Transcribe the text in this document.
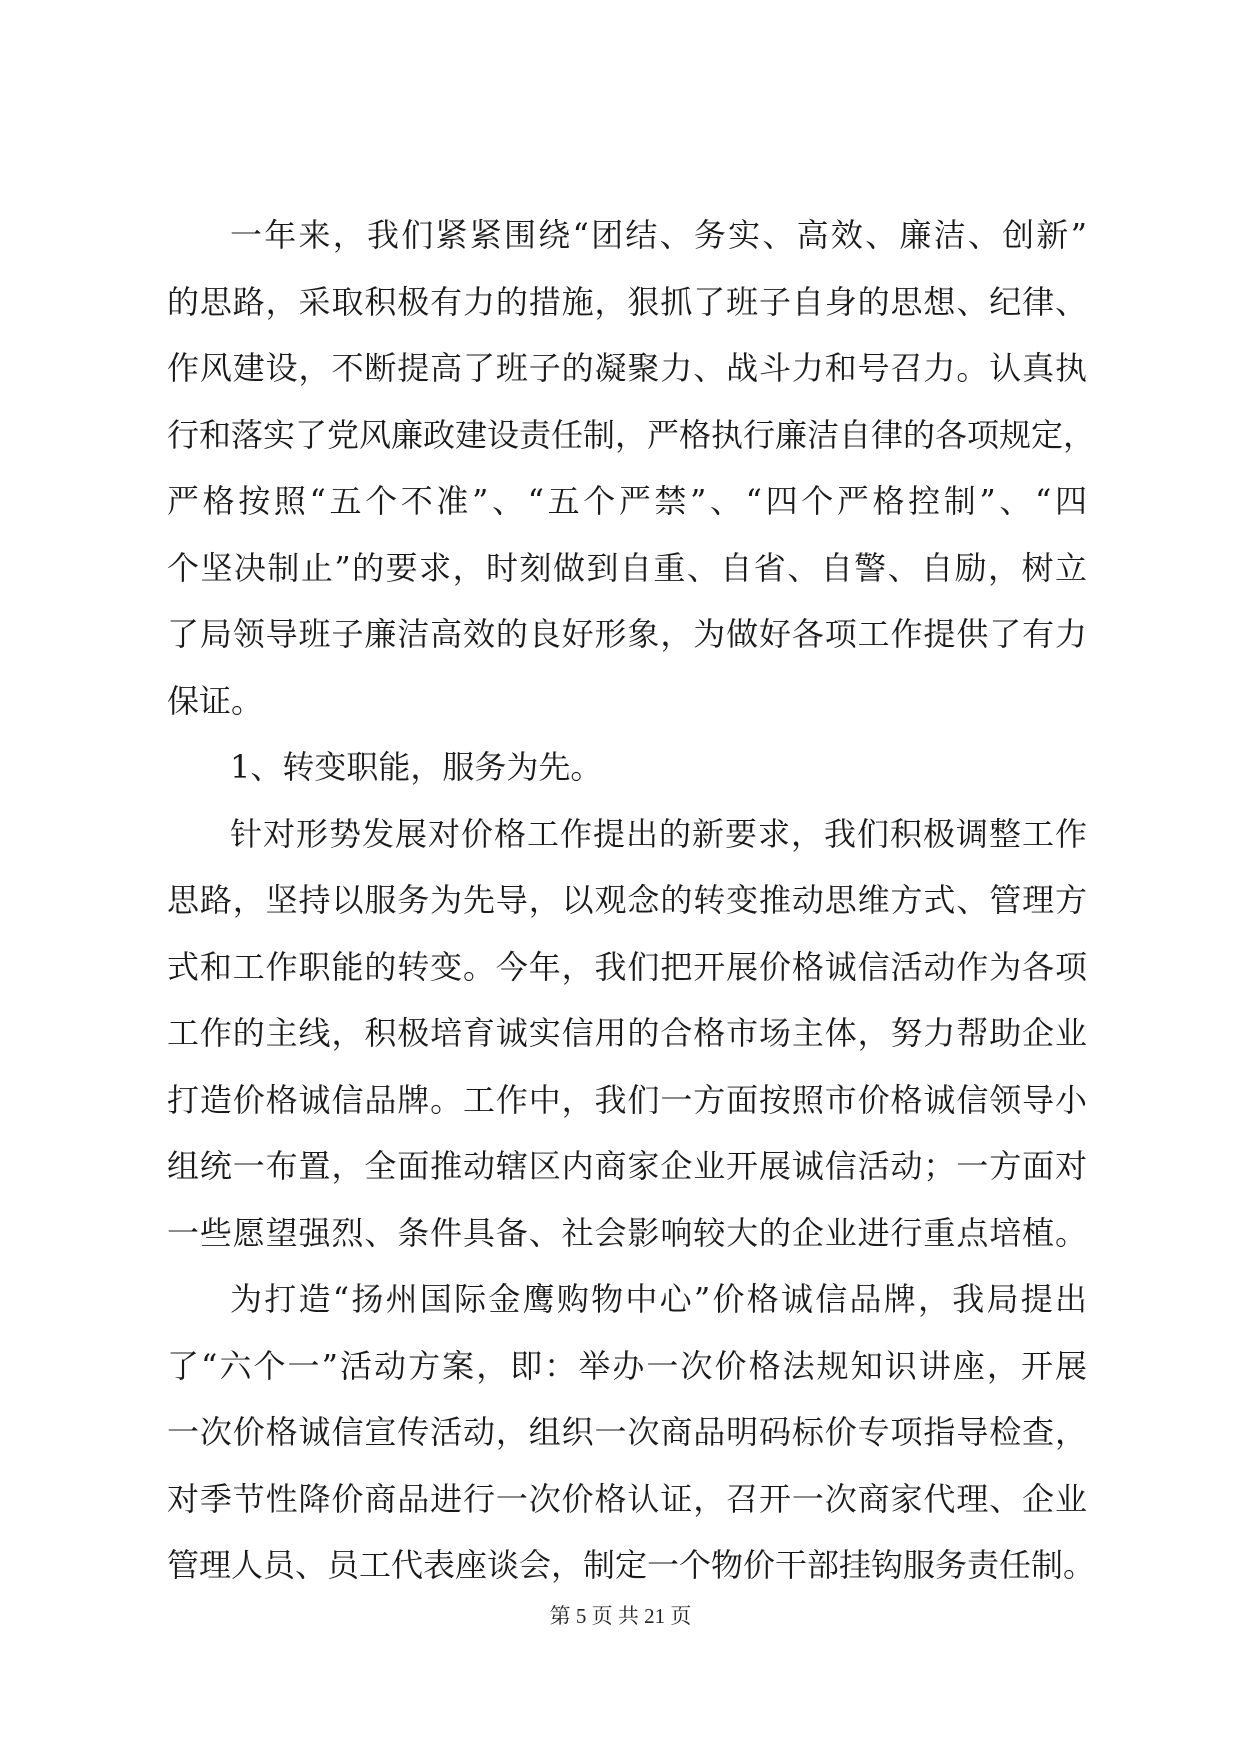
一年来，我们紧紧围绕“团结、务实、高效、廉洁、创新”
的思路，采取积极有力的措施，狠抓了班子自身的思想、纪律、
作风建设，不断提高了班子的凝聚力、战斗力和号召力。认真执
行和落实了党风廉政建设责任制，严格执行廉洁自律的各项规定，
严格按照“五个不准”、“五个严禁”、“四个严格控制”、“四
个坚决制止”的要求，时刻做到自重、自省、自警、自励，树立
了局领导班子廉洁高效的良好形象，为做好各项工作提供了有力
保证。
1、转变职能，服务为先。
针对形势发展对价格工作提出的新要求，我们积极调整工作
思路，坚持以服务为先导，以观念的转变推动思维方式、管理方
式和工作职能的转变。今年，我们把开展价格诚信活动作为各项
工作的主线，积极培育诚实信用的合格市场主体，努力帮助企业
打造价格诚信品牌。工作中，我们一方面按照市价格诚信领导小
组统一布置，全面推动辖区内商家企业开展诚信活动；一方面对
一些愿望强烈、条件具备、社会影响较大的企业进行重点培植。
为打造“扬州国际金鹰购物中心”价格诚信品牌，我局提出
了“六个一”活动方案，即：举办一次价格法规知识讲座，开展
一次价格诚信宣传活动，组织一次商品明码标价专项指导检查，
对季节性降价商品进行一次价格认证，召开一次商家代理、企业
管理人员、员工代表座谈会，制定一个物价干部挂钩服务责任制。
第 5 页 共 21 页
